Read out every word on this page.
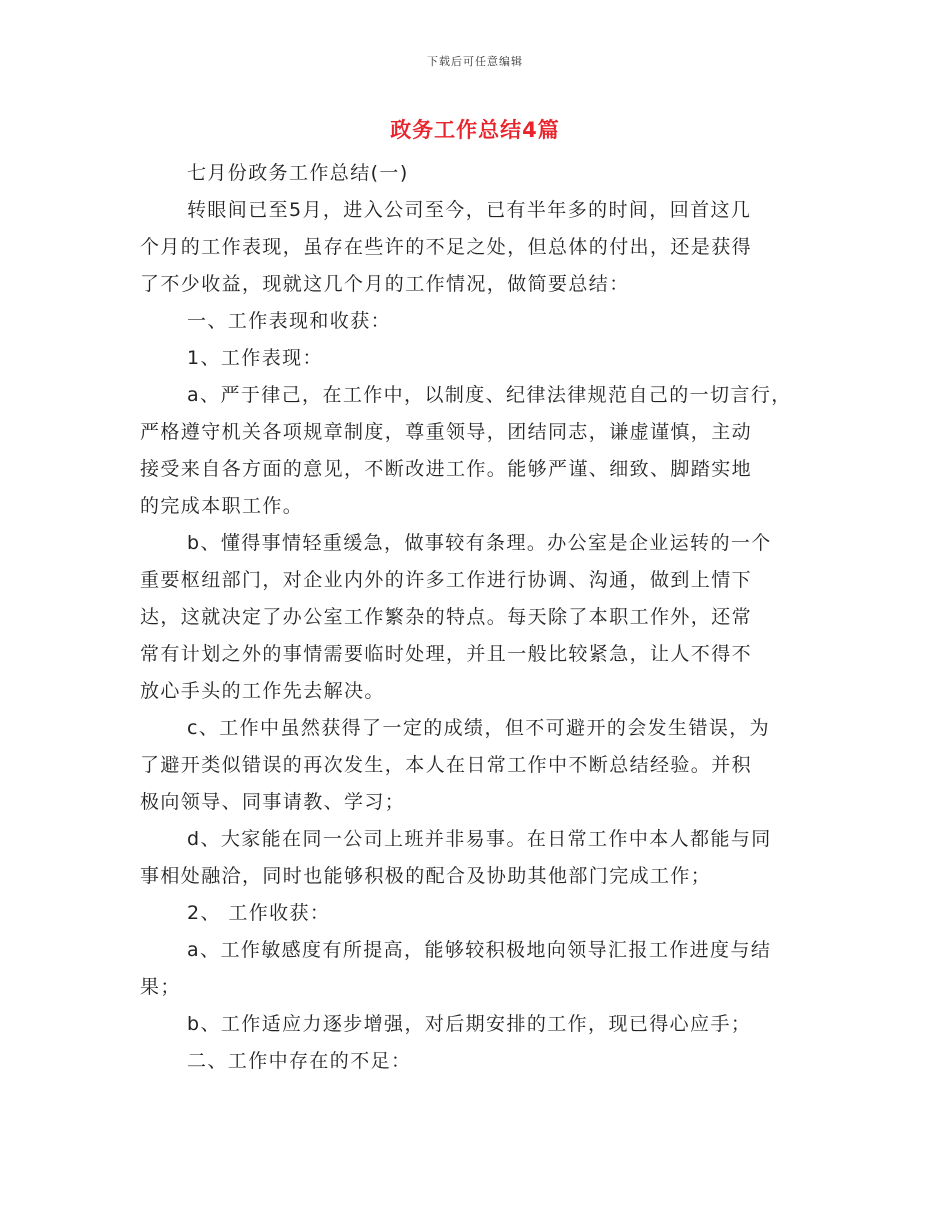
下载后可任意编辑
政务工作总结4篇
七月份政务工作总结(一)
转眼间已至5月，进入公司至今，已有半年多的时间，回首这几
个月的工作表现，虽存在些许的不足之处，但总体的付出，还是获得
了不少收益，现就这几个月的工作情况，做简要总结：
一、工作表现和收获：
1、工作表现：
a、严于律己，在工作中，以制度、纪律法律规范自己的一切言行，
严格遵守机关各项规章制度，尊重领导，团结同志，谦虚谨慎，主动
接受来自各方面的意见，不断改进工作。能够严谨、细致、脚踏实地
的完成本职工作。
b、懂得事情轻重缓急，做事较有条理。办公室是企业运转的一个
重要枢纽部门，对企业内外的许多工作进行协调、沟通，做到上情下
达，这就决定了办公室工作繁杂的特点。每天除了本职工作外，还常
常有计划之外的事情需要临时处理，并且一般比较紧急，让人不得不
放心手头的工作先去解决。
c、工作中虽然获得了一定的成绩，但不可避开的会发生错误，为
了避开类似错误的再次发生，本人在日常工作中不断总结经验。并积
极向领导、同事请教、学习；
d、大家能在同一公司上班并非易事。在日常工作中本人都能与同
事相处融洽，同时也能够积极的配合及协助其他部门完成工作；
2、 工作收获：
a、工作敏感度有所提高，能够较积极地向领导汇报工作进度与结
果；
b、工作适应力逐步增强，对后期安排的工作，现已得心应手；
二、工作中存在的不足：
